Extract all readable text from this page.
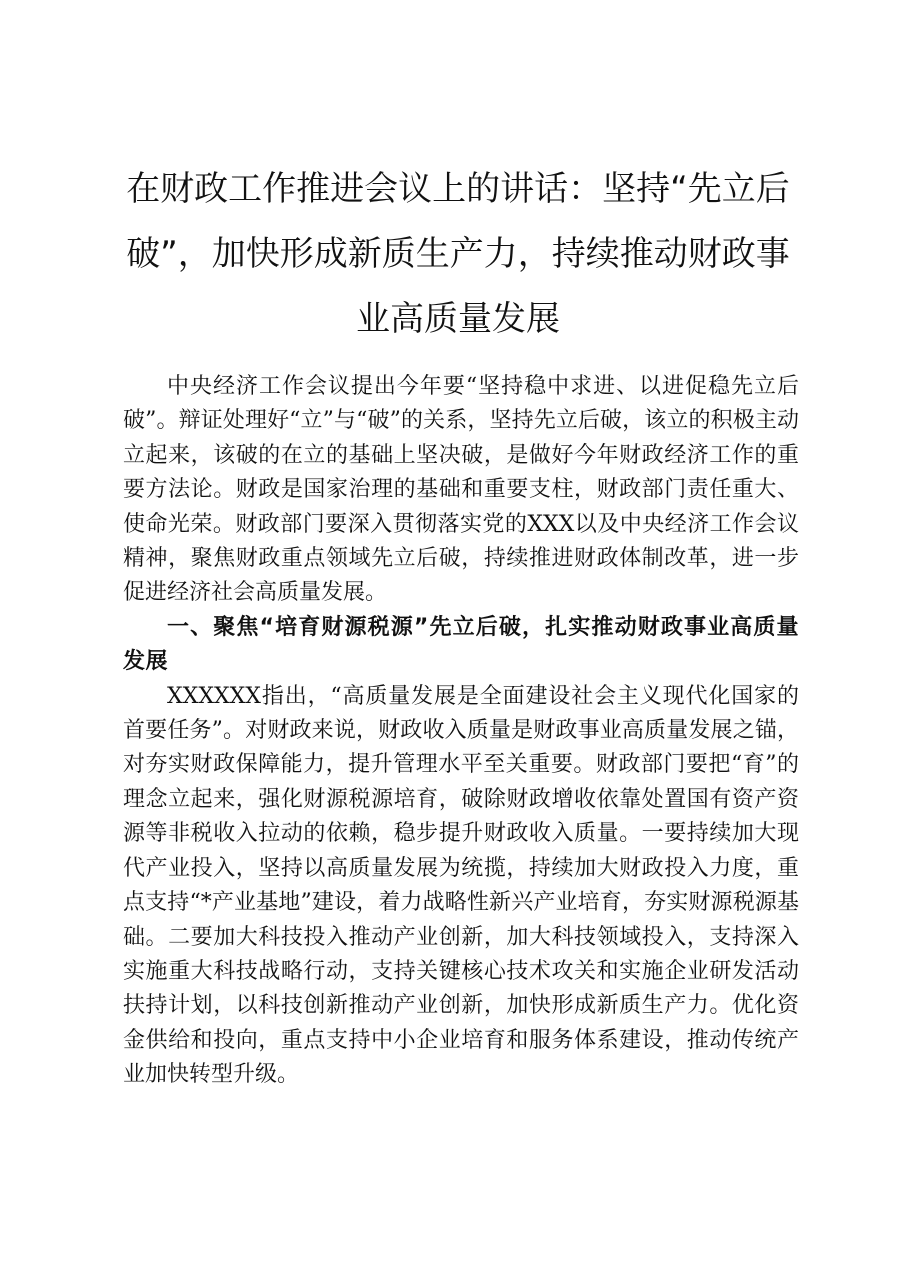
在财政工作推进会议上的讲话：坚持“先立后破”，加快形成新质生产力，持续推动财政事业高质量发展

中央经济工作会议提出今年要“坚持稳中求进、以进促稳先立后破”。辩证处理好“立”与“破”的关系，坚持先立后破，该立的积极主动立起来，该破的在立的基础上坚决破，是做好今年财政经济工作的重要方法论。财政是国家治理的基础和重要支柱，财政部门责任重大、使命光荣。财政部门要深入贯彻落实党的XXX以及中央经济工作会议精神，聚焦财政重点领域先立后破，持续推进财政体制改革，进一步促进经济社会高质量发展。

一、聚焦“培育财源税源”先立后破，扎实推动财政事业高质量发展

XXXXXX指出，“高质量发展是全面建设社会主义现代化国家的首要任务”。对财政来说，财政收入质量是财政事业高质量发展之锚，对夯实财政保障能力，提升管理水平至关重要。财政部门要把“育”的理念立起来，强化财源税源培育，破除财政增收依靠处置国有资产资源等非税收入拉动的依赖，稳步提升财政收入质量。一要持续加大现代产业投入，坚持以高质量发展为统揽，持续加大财政投入力度，重点支持“*产业基地”建设，着力战略性新兴产业培育，夯实财源税源基础。二要加大科技投入推动产业创新，加大科技领域投入，支持深入实施重大科技战略行动，支持关键核心技术攻关和实施企业研发活动扶持计划，以科技创新推动产业创新，加快形成新质生产力。优化资金供给和投向，重点支持中小企业培育和服务体系建设，推动传统产业加快转型升级。
